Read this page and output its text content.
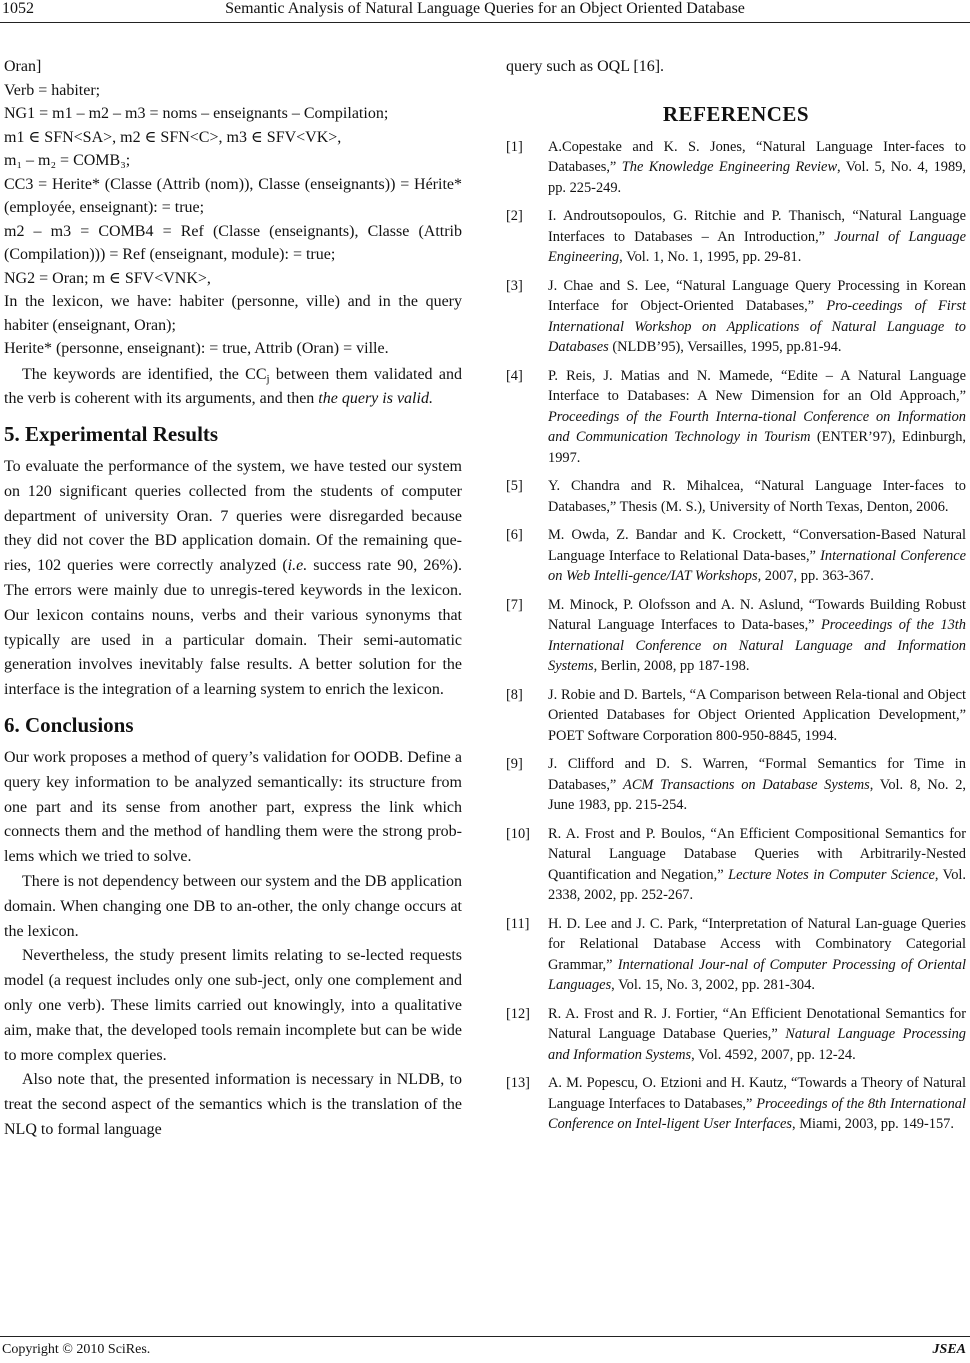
1052	Semantic Analysis of Natural Language Queries for an Object Oriented Database
Oran]
Verb = habiter;
NG1 = m1 – m2 – m3 = noms – enseignants – Compilation;
m1 ∈ SFN<SA>, m2 ∈ SFN<C>, m3 ∈ SFV<VK>,
m₁ – m₂ = COMB₃;
CC3 = Herite* (Classe (Attrib (nom)), Classe (enseignants)) = Hérite* (employée, enseignant): = true;
m2 – m3 = COMB4 = Ref (Classe (enseignants), Classe (Attrib (Compilation))) = Ref (enseignant, module): = true;
NG2 = Oran; m ∈ SFV<VNK>,
In the lexicon, we have: habiter (personne, ville) and in the query habiter (enseignant, Oran);
Herite* (personne, enseignant): = true, Attrib (Oran) = ville.
The keywords are identified, the $CC_j$ between them validated and the verb is coherent with its arguments, and then the query is valid.
5. Experimental Results
To evaluate the performance of the system, we have tested our system on 120 significant queries collected from the students of computer department of university Oran. 7 queries were disregarded because they did not cover the BD application domain. Of the remaining que-ries, 102 queries were correctly analyzed (i.e. success rate 90, 26%). The errors were mainly due to unregis-tered keywords in the lexicon. Our lexicon contains nouns, verbs and their various synonyms that typically are used in a particular domain. Their semi-automatic generation involves inevitably false results. A better solution for the interface is the integration of a learning system to enrich the lexicon.
6. Conclusions
Our work proposes a method of query’s validation for OODB. Define a query key information to be analyzed semantically: its structure from one part and its sense from another part, express the link which connects them and the method of handling them were the strong prob-lems which we tried to solve.
There is not dependency between our system and the DB application domain. When changing one DB to an-other, the only change occurs at the lexicon.
Nevertheless, the study present limits relating to se-lected requests model (a request includes only one sub-ject, only one complement and only one verb). These limits carried out knowingly, into a qualitative aim, make that, the developed tools remain incomplete but can be wide to more complex queries.
Also note that, the presented information is necessary in NLDB, to treat the second aspect of the semantics which is the translation of the NLQ to formal language
query such as OQL [16].
REFERENCES
[1] A.Copestake and K. S. Jones, “Natural Language Inter-faces to Databases,” The Knowledge Engineering Review, Vol. 5, No. 4, 1989, pp. 225-249.
[2] I. Androutsopoulos, G. Ritchie and P. Thanisch, “Natural Language Interfaces to Databases – An Introduction,” Journal of Language Engineering, Vol. 1, No. 1, 1995, pp. 29-81.
[3] J. Chae and S. Lee, “Natural Language Query Processing in Korean Interface for Object-Oriented Databases,” Pro-ceedings of First International Workshop on Applications of Natural Language to Databases (NLDB’95), Versailles, 1995, pp.81-94.
[4] P. Reis, J. Matias and N. Mamede, “Edite – A Natural Language Interface to Databases: A New Dimension for an Old Approach,” Proceedings of the Fourth Interna-tional Conference on Information and Communication Technology in Tourism (ENTER’97), Edinburgh, 1997.
[5] Y. Chandra and R. Mihalcea, “Natural Language Inter-faces to Databases,” Thesis (M. S.), University of North Texas, Denton, 2006.
[6] M. Owda, Z. Bandar and K. Crockett, “Conversation-Based Natural Language Interface to Relational Data-bases,” International Conference on Web Intelli-gence/IAT Workshops, 2007, pp. 363-367.
[7] M. Minock, P. Olofsson and A. N. Aslund, “Towards Building Robust Natural Language Interfaces to Data-bases,” Proceedings of the 13th International Conference on Natural Language and Information Systems, Berlin, 2008, pp 187-198.
[8] J. Robie and D. Bartels, “A Comparison between Rela-tional and Object Oriented Databases for Object Oriented Application Development,” POET Software Corporation 800-950-8845, 1994.
[9] J. Clifford and D. S. Warren, “Formal Semantics for Time in Databases,” ACM Transactions on Database Systems, Vol. 8, No. 2, June 1983, pp. 215-254.
[10] R. A. Frost and P. Boulos, “An Efficient Compositional Semantics for Natural Language Database Queries with Arbitrarily-Nested Quantification and Negation,” Lecture Notes in Computer Science, Vol. 2338, 2002, pp. 252-267.
[11] H. D. Lee and J. C. Park, “Interpretation of Natural Lan-guage Queries for Relational Database Access with Combinatory Categorial Grammar,” International Jour-nal of Computer Processing of Oriental Languages, Vol. 15, No. 3, 2002, pp. 281-304.
[12] R. A. Frost and R. J. Fortier, “An Efficient Denotational Semantics for Natural Language Database Queries,” Natural Language Processing and Information Systems, Vol. 4592, 2007, pp. 12-24.
[13] A. M. Popescu, O. Etzioni and H. Kautz, “Towards a Theory of Natural Language Interfaces to Databases,” Proceedings of the 8th International Conference on Intel-ligent User Interfaces, Miami, 2003, pp. 149-157.
Copyright © 2010 SciRes.	JSEA
